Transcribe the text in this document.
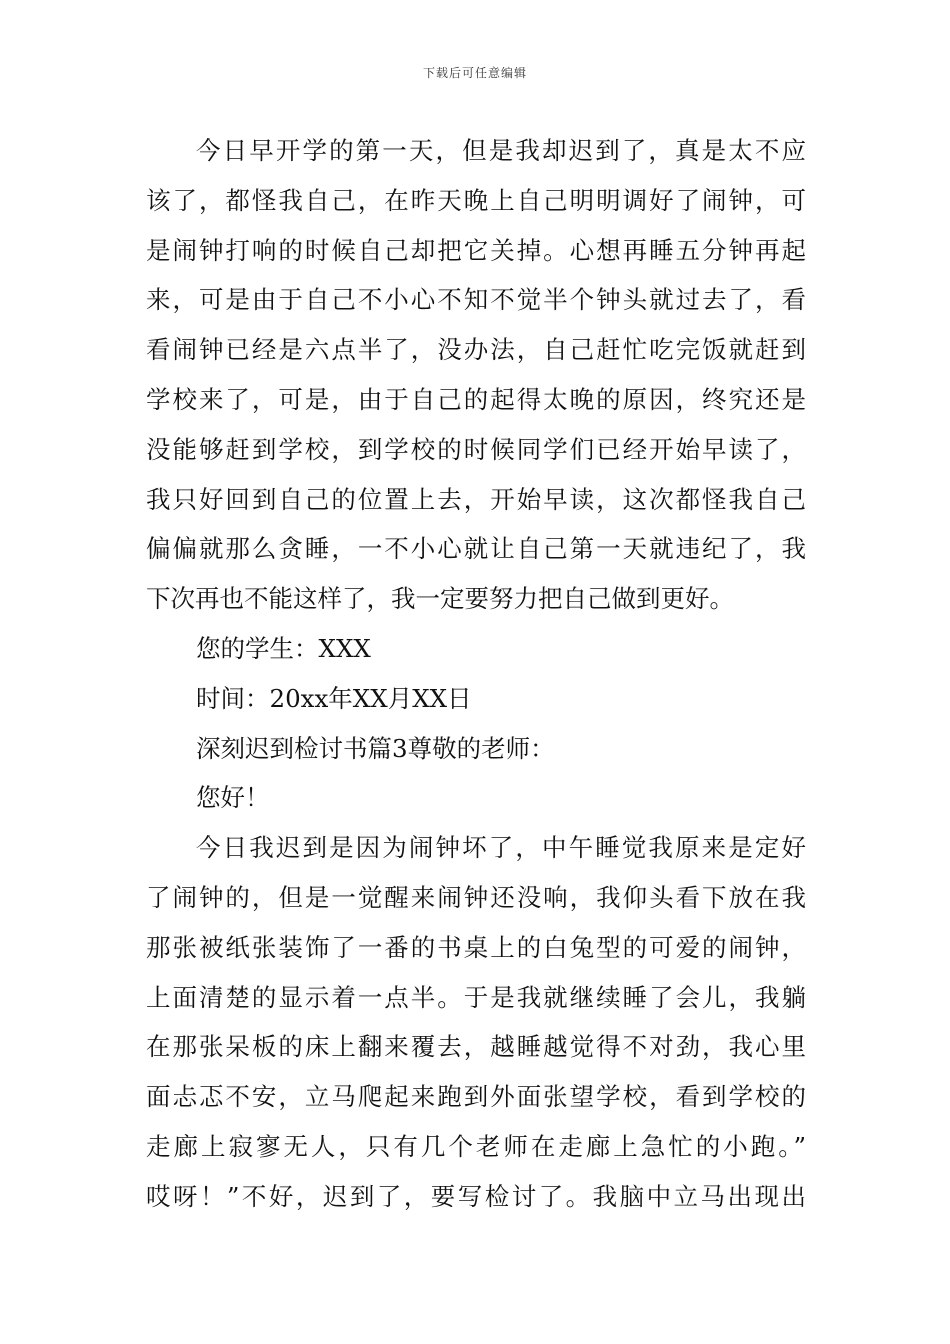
下载后可任意编辑
今日早开学的第一天，但是我却迟到了，真是太不应
该了，都怪我自己，在昨天晚上自己明明调好了闹钟，可
是闹钟打响的时候自己却把它关掉。心想再睡五分钟再起
来，可是由于自己不小心不知不觉半个钟头就过去了，看
看闹钟已经是六点半了，没办法，自己赶忙吃完饭就赶到
学校来了，可是，由于自己的起得太晚的原因，终究还是
没能够赶到学校，到学校的时候同学们已经开始早读了，
我只好回到自己的位置上去，开始早读，这次都怪我自己
偏偏就那么贪睡，一不小心就让自己第一天就违纪了，我
下次再也不能这样了，我一定要努力把自己做到更好。
您的学生：XXX
时间：20xx年XX月XX日
深刻迟到检讨书篇3尊敬的老师：
您好！
今日我迟到是因为闹钟坏了，中午睡觉我原来是定好
了闹钟的，但是一觉醒来闹钟还没响，我仰头看下放在我
那张被纸张装饰了一番的书桌上的白兔型的可爱的闹钟，
上面清楚的显示着一点半。于是我就继续睡了会儿，我躺
在那张呆板的床上翻来覆去，越睡越觉得不对劲，我心里
面忐忑不安，立马爬起来跑到外面张望学校，看到学校的
走廊上寂寥无人，只有几个老师在走廊上急忙的小跑。”
哎呀！”不好，迟到了，要写检讨了。我脑中立马出现出
